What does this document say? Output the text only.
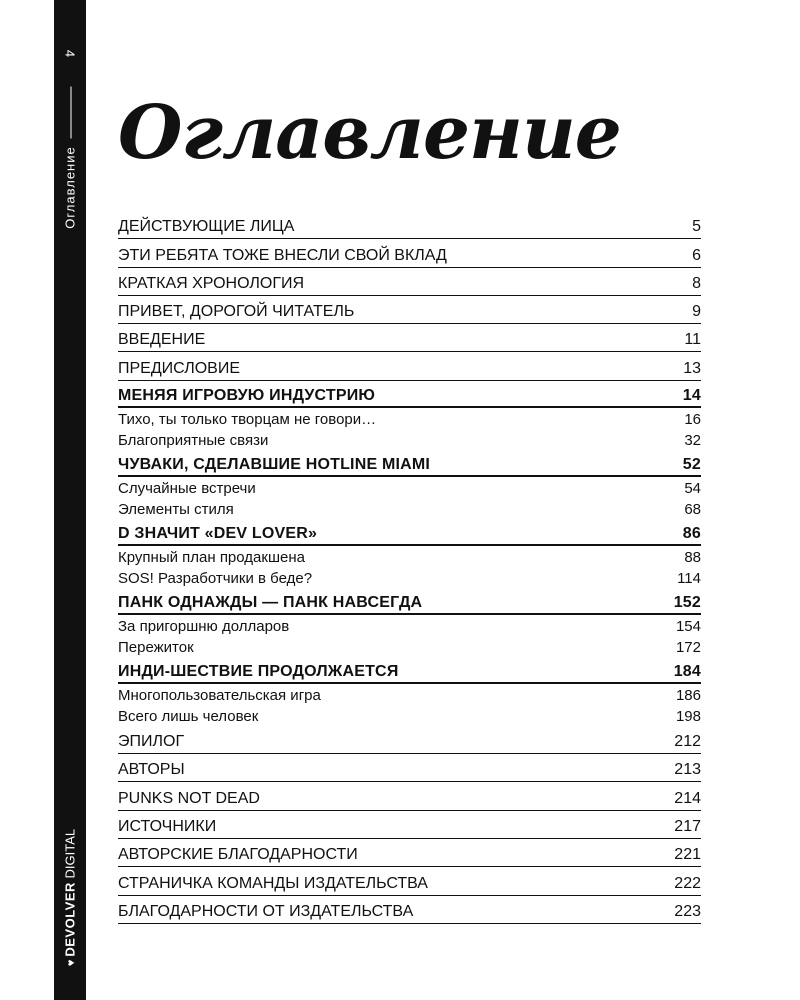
Оглавление
4
♥DEVOLVER DIGITAL
Оглавление
ДЕЙСТВУЮЩИЕ ЛИЦА	5
ЭТИ РЕБЯТА ТОЖЕ ВНЕСЛИ СВОЙ ВКЛАД	6
КРАТКАЯ ХРОНОЛОГИЯ	8
ПРИВЕТ, ДОРОГОЙ ЧИТАТЕЛЬ	9
ВВЕДЕНИЕ	11
ПРЕДИСЛОВИЕ	13
МЕНЯЯ ИГРОВУЮ ИНДУСТРИЮ	14
Тихо, ты только творцам не говори…	16
Благоприятные связи	32
ЧУВАКИ, СДЕЛАВШИЕ HOTLINE MIAMI	52
Случайные встречи	54
Элементы стиля	68
D ЗНАЧИТ «DEV LOVER»	86
Крупный план продакшена	88
SOS! Разработчики в беде?	114
ПАНК ОДНАЖДЫ — ПАНК НАВСЕГДА	152
За пригоршню долларов	154
Пережиток	172
ИНДИ-ШЕСТВИЕ ПРОДОЛЖАЕТСЯ	184
Многопользовательская игра	186
Всего лишь человек	198
ЭПИЛОГ	212
АВТОРЫ	213
PUNKS NOT DEAD	214
ИСТОЧНИКИ	217
АВТОРСКИЕ БЛАГОДАРНОСТИ	221
СТРАНИЧКА КОМАНДЫ ИЗДАТЕЛЬСТВА	222
БЛАГОДАРНОСТИ ОТ ИЗДАТЕЛЬСТВА	223
